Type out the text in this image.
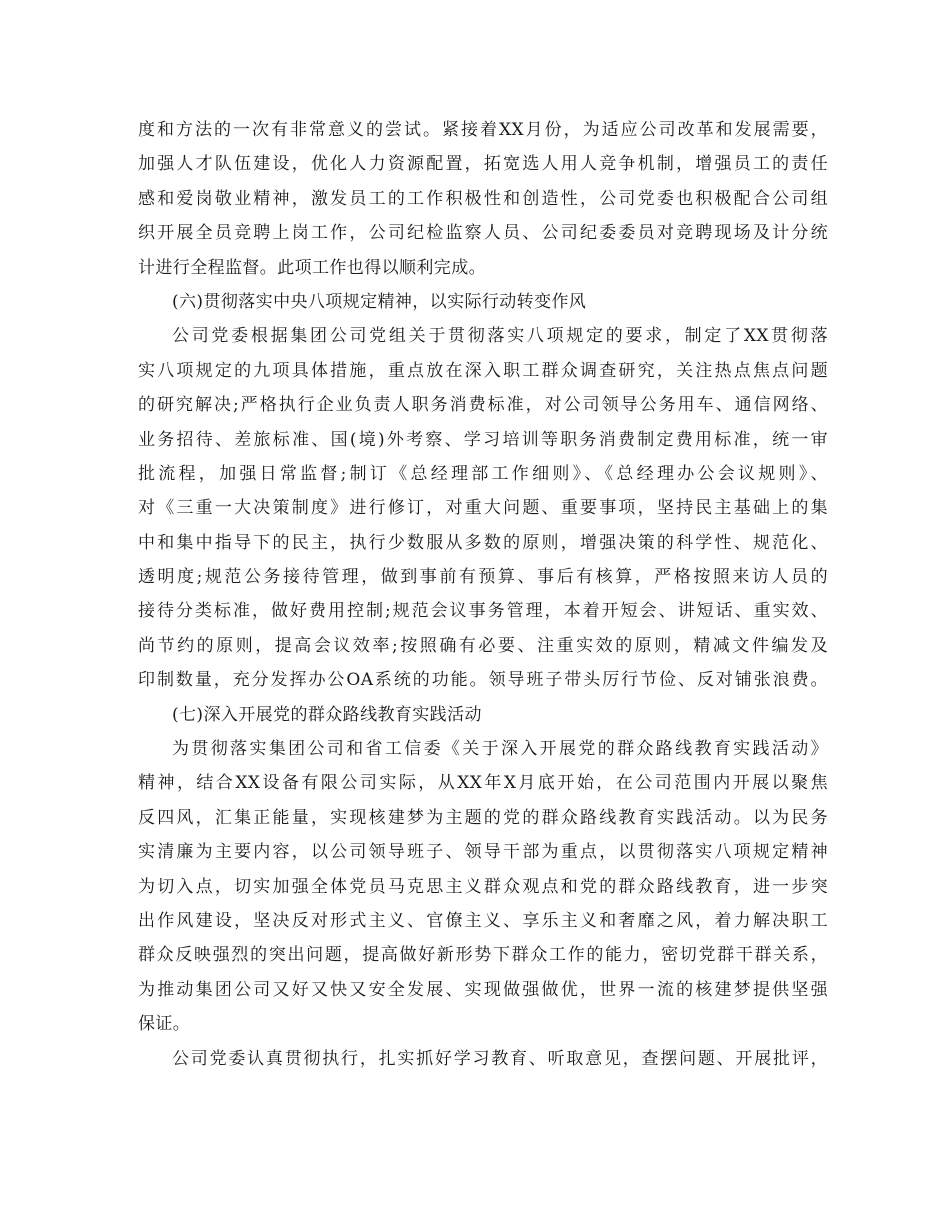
度和方法的一次有非常意义的尝试。紧接着XX月份，为适应公司改革和发展需要，
加强人才队伍建设，优化人力资源配置，拓宽选人用人竞争机制，增强员工的责任
感和爱岗敬业精神，激发员工的工作积极性和创造性，公司党委也积极配合公司组
织开展全员竞聘上岗工作，公司纪检监察人员、公司纪委委员对竞聘现场及计分统
计进行全程监督。此项工作也得以顺利完成。
(六)贯彻落实中央八项规定精神，以实际行动转变作风
公司党委根据集团公司党组关于贯彻落实八项规定的要求，制定了XX贯彻落
实八项规定的九项具体措施，重点放在深入职工群众调查研究，关注热点焦点问题
的研究解决;严格执行企业负责人职务消费标准，对公司领导公务用车、通信网络、
业务招待、差旅标准、国(境)外考察、学习培训等职务消费制定费用标准，统一审
批流程，加强日常监督;制订《总经理部工作细则》、《总经理办公会议规则》、
对《三重一大决策制度》进行修订，对重大问题、重要事项，坚持民主基础上的集
中和集中指导下的民主，执行少数服从多数的原则，增强决策的科学性、规范化、
透明度;规范公务接待管理，做到事前有预算、事后有核算，严格按照来访人员的
接待分类标准，做好费用控制;规范会议事务管理，本着开短会、讲短话、重实效、
尚节约的原则，提高会议效率;按照确有必要、注重实效的原则，精减文件编发及
印制数量，充分发挥办公OA系统的功能。领导班子带头厉行节俭、反对铺张浪费。
(七)深入开展党的群众路线教育实践活动
为贯彻落实集团公司和省工信委《关于深入开展党的群众路线教育实践活动》
精神，结合XX设备有限公司实际，从XX年X月底开始，在公司范围内开展以聚焦
反四风，汇集正能量，实现核建梦为主题的党的群众路线教育实践活动。以为民务
实清廉为主要内容，以公司领导班子、领导干部为重点，以贯彻落实八项规定精神
为切入点，切实加强全体党员马克思主义群众观点和党的群众路线教育，进一步突
出作风建设，坚决反对形式主义、官僚主义、享乐主义和奢靡之风，着力解决职工
群众反映强烈的突出问题，提高做好新形势下群众工作的能力，密切党群干群关系，
为推动集团公司又好又快又安全发展、实现做强做优，世界一流的核建梦提供坚强
保证。
公司党委认真贯彻执行，扎实抓好学习教育、听取意见，查摆问题、开展批评，
